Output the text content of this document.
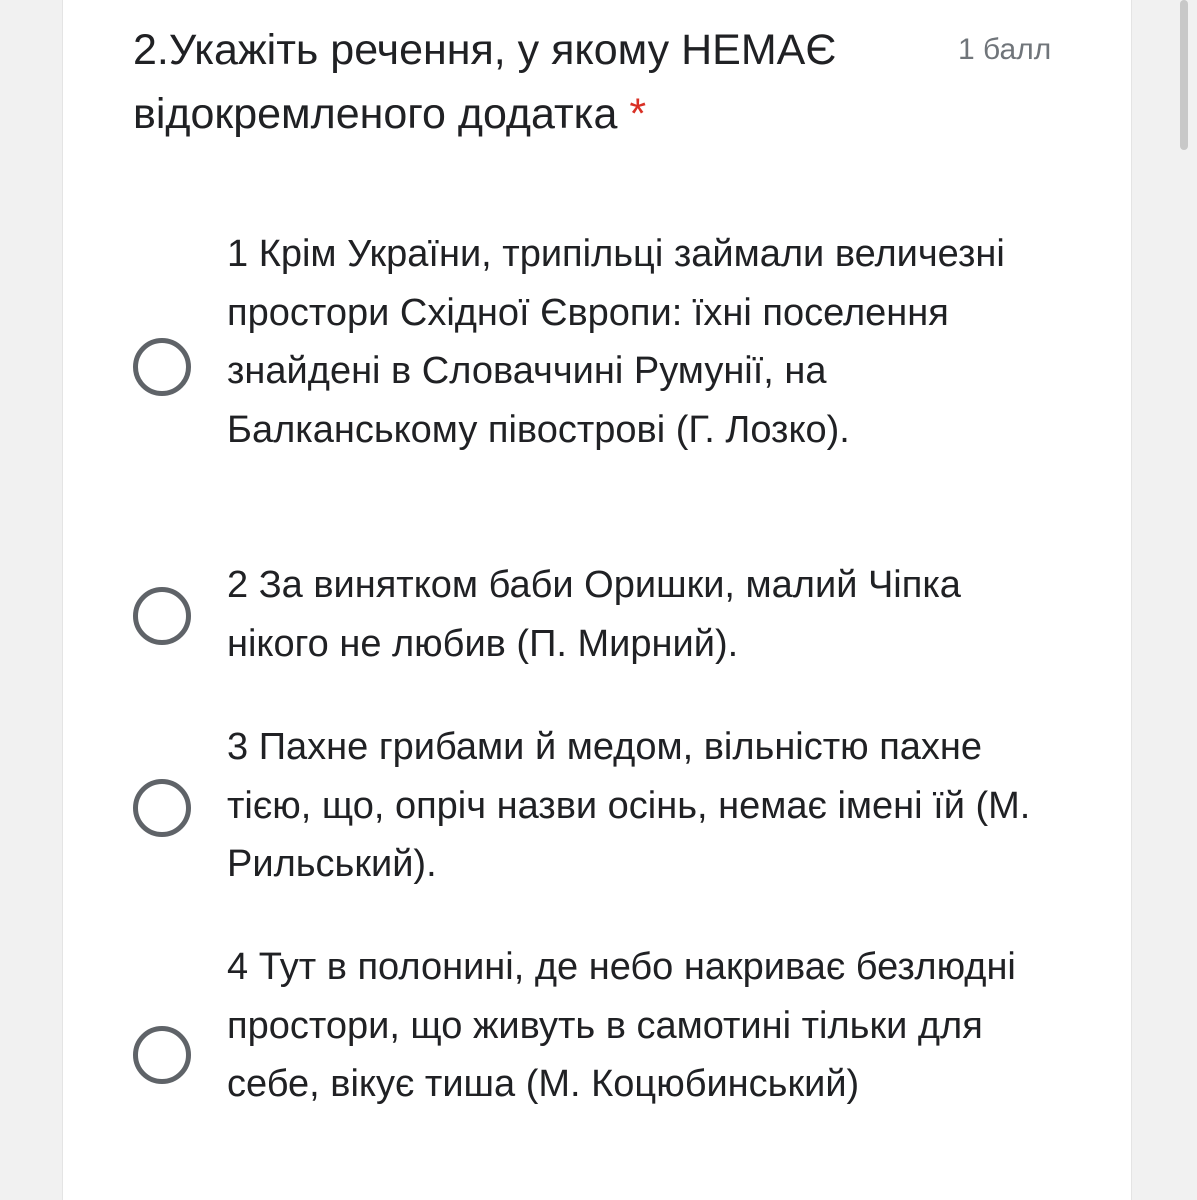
2.Укажіть речення, у якому НЕМАЄ відокремленого додатка *
1 балл
1 Крім України, трипільці займали величезні простори Східної Європи: їхні поселення знайдені в Словаччині Румунії, на Балканському півострові (Г. Лозко).
2 За винятком баби Оришки, малий Чіпка нікого не любив (П. Мирний).
3 Пахне грибами й медом, вільністю пахне тією, що, опріч назви осінь, немає імені їй (М. Рильський).
4 Тут в полонині, де небо накриває безлюдні простори, що живуть в самотині тільки для себе, вікує тиша (М. Коцюбинський)
